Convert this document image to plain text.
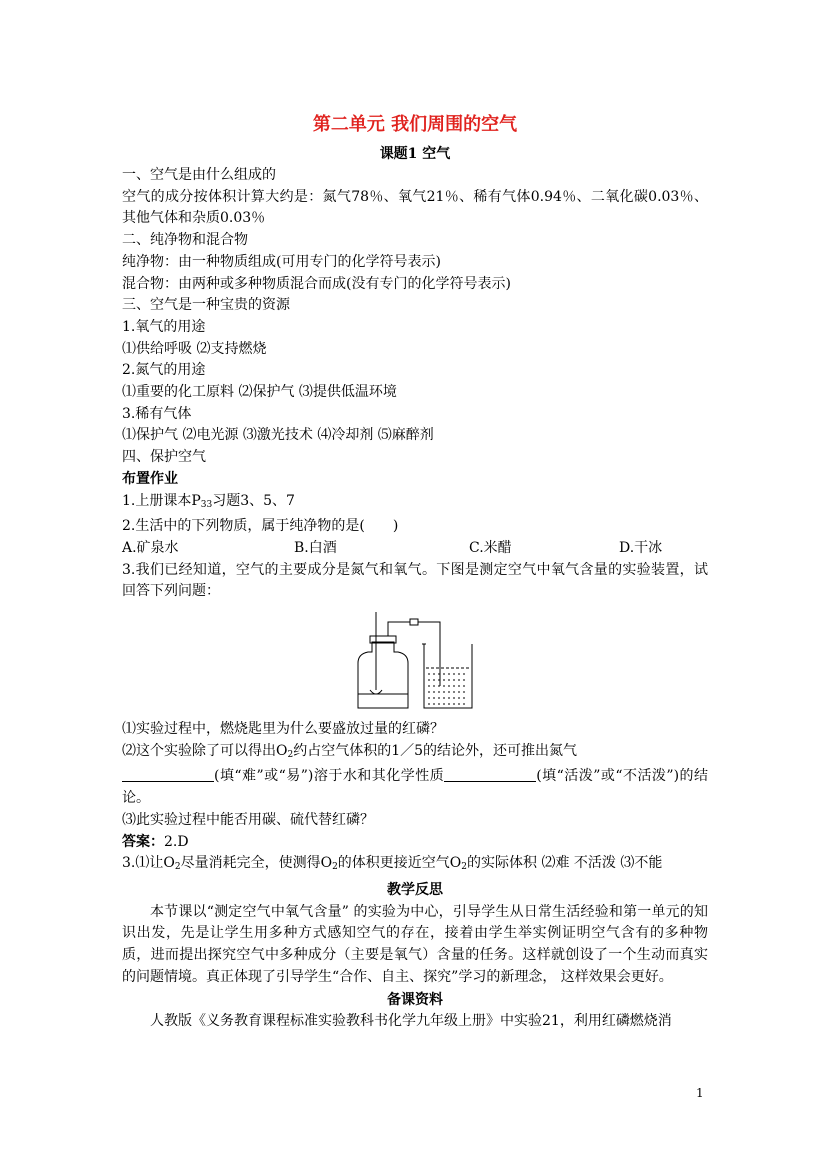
第二单元 我们周围的空气
课题1 空气
一、空气是由什么组成的
空气的成分按体积计算大约是：氮气78％、氧气21％、稀有气体0.94％、二氧化碳0.03％、其他气体和杂质0.03％
二、纯净物和混合物
纯净物：由一种物质组成(可用专门的化学符号表示)
混合物：由两种或多种物质混合而成(没有专门的化学符号表示)
三、空气是一种宝贵的资源
1.氧气的用途
⑴供给呼吸 ⑵支持燃烧
2.氮气的用途
⑴重要的化工原料 ⑵保护气 ⑶提供低温环境
3.稀有气体
⑴保护气 ⑵电光源 ⑶激光技术 ⑷冷却剂 ⑸麻醉剂
四、保护空气
布置作业
1.上册课本$P_{33}$习题3、5、7
2.生活中的下列物质，属于纯净物的是(　　)
A.矿泉水	B.白酒	C.米醋	D.干冰
3.我们已经知道，空气的主要成分是氮气和氧气。下图是测定空气中氧气含量的实验装置，试回答下列问题：
⑴实验过程中，燃烧匙里为什么要盛放过量的红磷？
⑵这个实验除了可以得出$O_2$约占空气体积的1／5的结论外，还可推出氮气
(填“难”或“易”)溶于水和其化学性质	(填“活泼”或“不活泼”)的结论。
⑶此实验过程中能否用碳、硫代替红磷？
答案：2.D
3.⑴让$O_2$尽量消耗完全，使测得$O_2$的体积更接近空气$O_2$的实际体积 ⑵难 不活泼 ⑶不能
教学反思
本节课以“测定空气中氧气含量” 的实验为中心，引导学生从日常生活经验和第一单元的知识出发，先是让学生用多种方式感知空气的存在，接着由学生举实例证明空气含有的多种物质，进而提出探究空气中多种成分（主要是氧气）含量的任务。这样就创设了一个生动而真实的问题情境。真正体现了引导学生“合作、自主、探究”学习的新理念， 这样效果会更好。
备课资料
人教版《义务教育课程标准实验教科书化学九年级上册》中实验21，利用红磷燃烧消
1
